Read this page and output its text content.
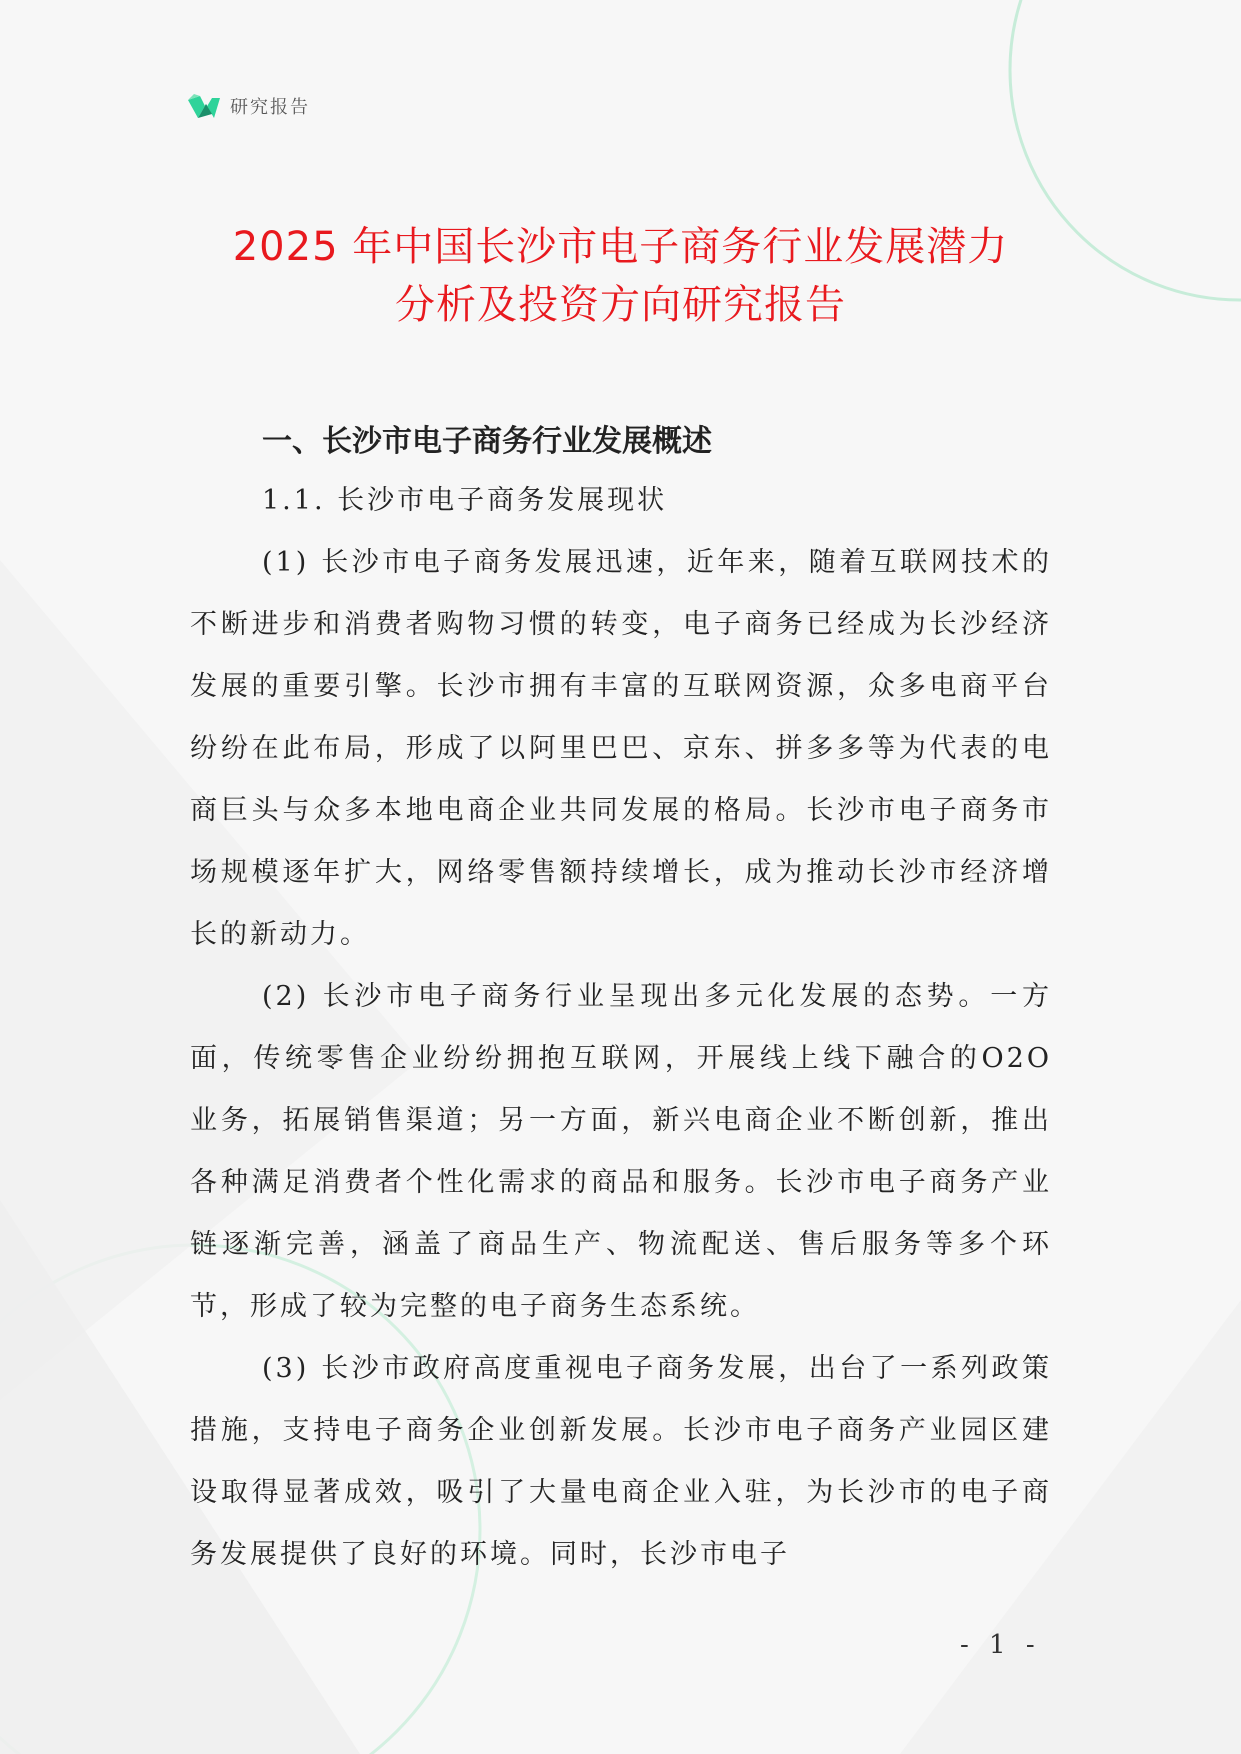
研究报告
2025 年中国长沙市电子商务行业发展潜力
分析及投资方向研究报告
一、长沙市电子商务行业发展概述
1.1. 长沙市电子商务发展现状

(1) 长沙市电子商务发展迅速，近年来，随着互联网技术的不断进步和消费者购物习惯的转变，电子商务已经成为长沙经济发展的重要引擎。长沙市拥有丰富的互联网资源，众多电商平台纷纷在此布局，形成了以阿里巴巴、京东、拼多多等为代表的电商巨头与众多本地电商企业共同发展的格局。长沙市电子商务市场规模逐年扩大，网络零售额持续增长，成为推动长沙市经济增长的新动力。

(2) 长沙市电子商务行业呈现出多元化发展的态势。一方面，传统零售企业纷纷拥抱互联网，开展线上线下融合的O2O 业务，拓展销售渠道；另一方面，新兴电商企业不断创新，推出各种满足消费者个性化需求的商品和服务。长沙市电子商务产业链逐渐完善，涵盖了商品生产、物流配送、售后服务等多个环节，形成了较为完整的电子商务生态系统。

(3) 长沙市政府高度重视电子商务发展，出台了一系列政策措施，支持电子商务企业创新发展。长沙市电子商务产业园区建设取得显著成效，吸引了大量电商企业入驻，为长沙市的电子商务发展提供了良好的环境。同时，长沙市电子

- 1 -
